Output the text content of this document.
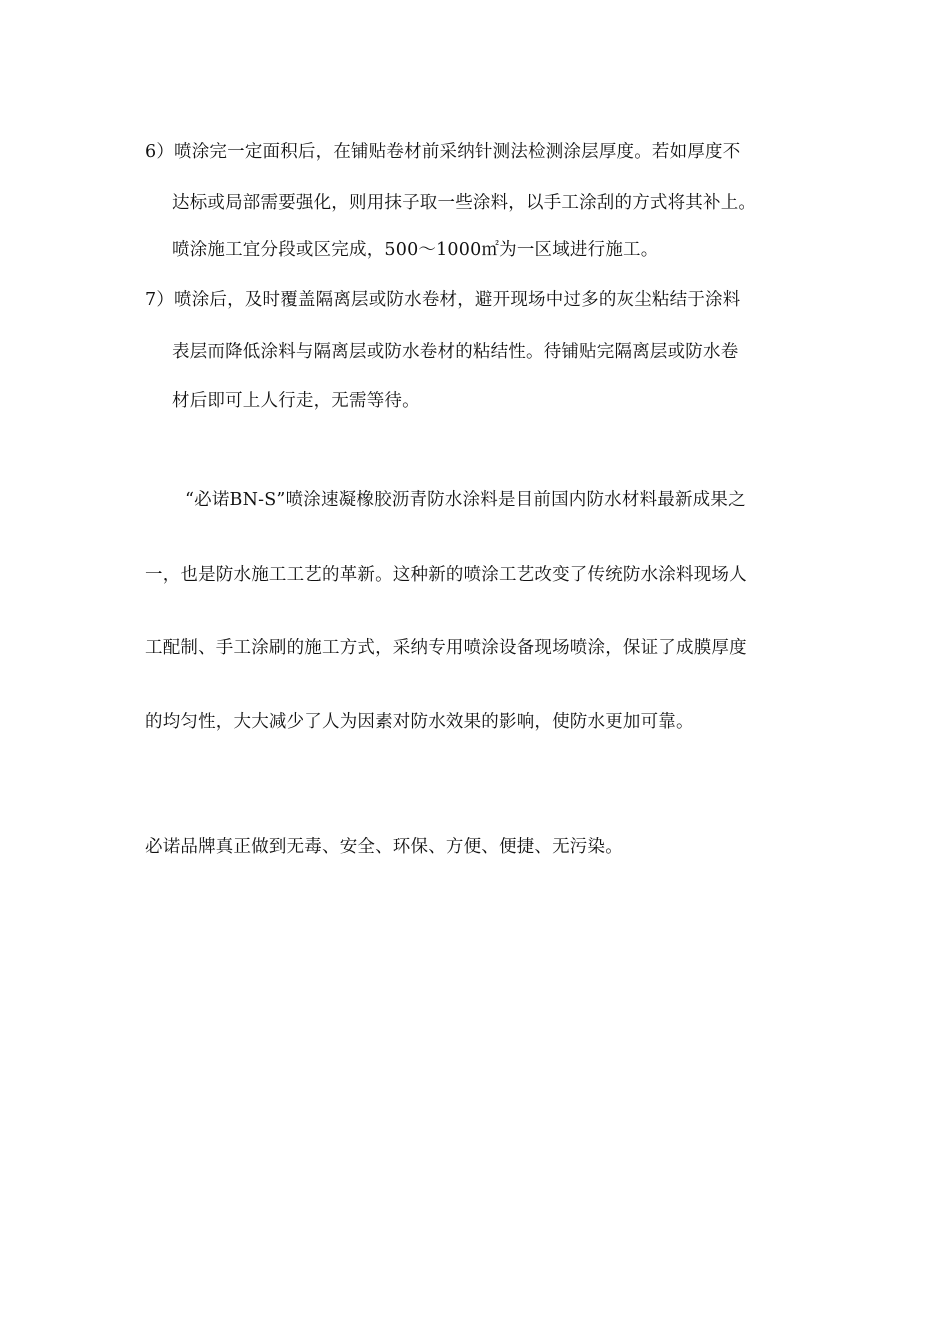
6）喷涂完一定面积后，在铺贴卷材前采纳针测法检测涂层厚度。若如厚度不
达标或局部需要强化，则用抹子取一些涂料，以手工涂刮的方式将其补上。
喷涂施工宜分段或区完成，500～1000㎡为一区域进行施工。
7）喷涂后，及时覆盖隔离层或防水卷材，避开现场中过多的灰尘粘结于涂料
表层而降低涂料与隔离层或防水卷材的粘结性。待铺贴完隔离层或防水卷
材后即可上人行走，无需等待。
“必诺BN-S”喷涂速凝橡胶沥青防水涂料是目前国内防水材料最新成果之
一，也是防水施工工艺的革新。这种新的喷涂工艺改变了传统防水涂料现场人
工配制、手工涂刷的施工方式，采纳专用喷涂设备现场喷涂，保证了成膜厚度
的均匀性，大大减少了人为因素对防水效果的影响，使防水更加可靠。
必诺品牌真正做到无毒、安全、环保、方便、便捷、无污染。
